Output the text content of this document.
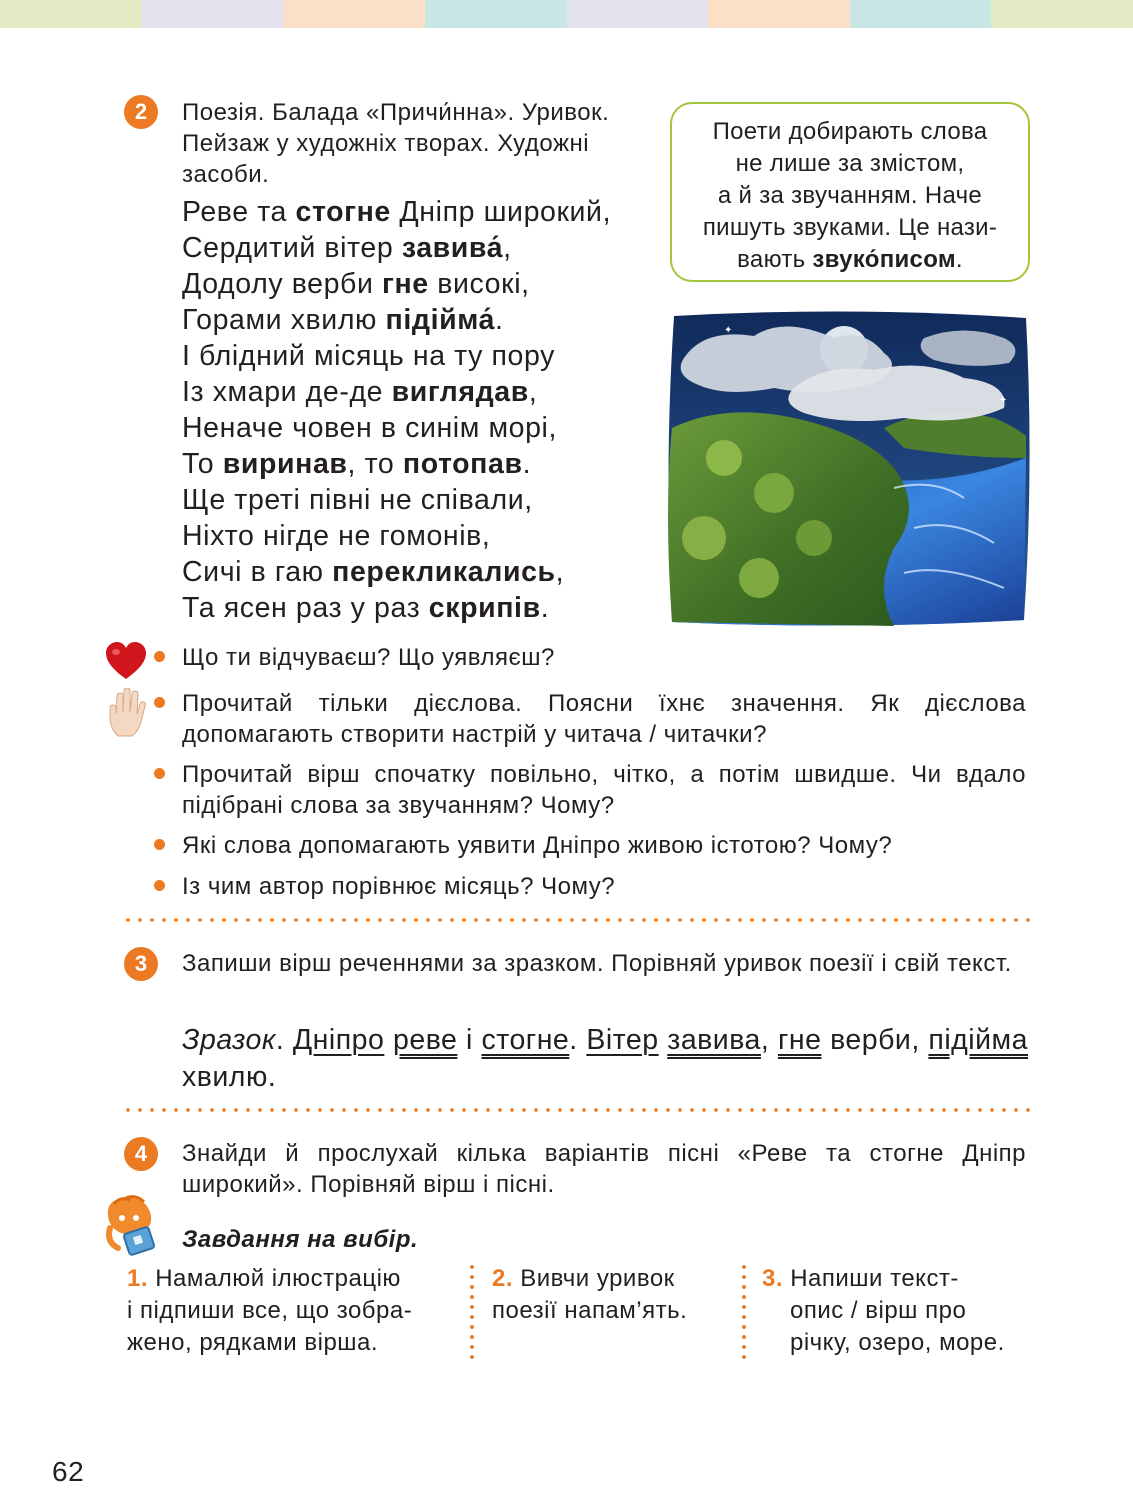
2	Поезія. Балада «Причи́нна». Уривок.
Пейзаж у художніх творах. Художні
засоби.
Реве та стогне Дніпр широкий,
Сердитий вітер завива́,
Додолу верби гне високі,
Горами хвилю підійма́.
І блідний місяць на ту пору
Із хмари де-де виглядав,
Неначе човен в синім морі,
То виринав, то потопав.
Ще треті півні не співали,
Ніхто нігде не гомонів,
Сичі в гаю перекликались,
Та ясен раз у раз скрипів.
Поети добирають слова
не лише за змістом,
а й за звучанням. Наче
пишуть звуками. Це нази-
вають звуко́писом.
✦
✦
Що ти відчуваєш? Що уявляєш?
Прочитай тільки дієслова. Поясни їхнє значення. Як дієслова допомагають створити настрій у читача / читачки?
Прочитай вірш спочатку повільно, чітко, а потім швидше. Чи вдало підібрані слова за звучанням? Чому?
Які слова допомагають уявити Дніпро живою істотою? Чому?
Із чим автор порівнює місяць? Чому?
3	Запиши вірш реченнями за зразком. Порівняй уривок поезії і свій текст.
Зразок. Дніпро реве і стогне. Вітер завива, гне верби, підійма хвилю.
4	Знайди й прослухай кілька варіантів пісні «Реве та стогне Дніпр широкий». Порівняй вірш і пісні.
Завдання на вибір.
1. Намалюй ілюстрацію
і підпиши все, що зобра-
жено, рядками вірша.
2. Вивчи уривок
поезії напам’ять.
3. Напиши текст-
опис / вірш про
річку, озеро, море.
62
